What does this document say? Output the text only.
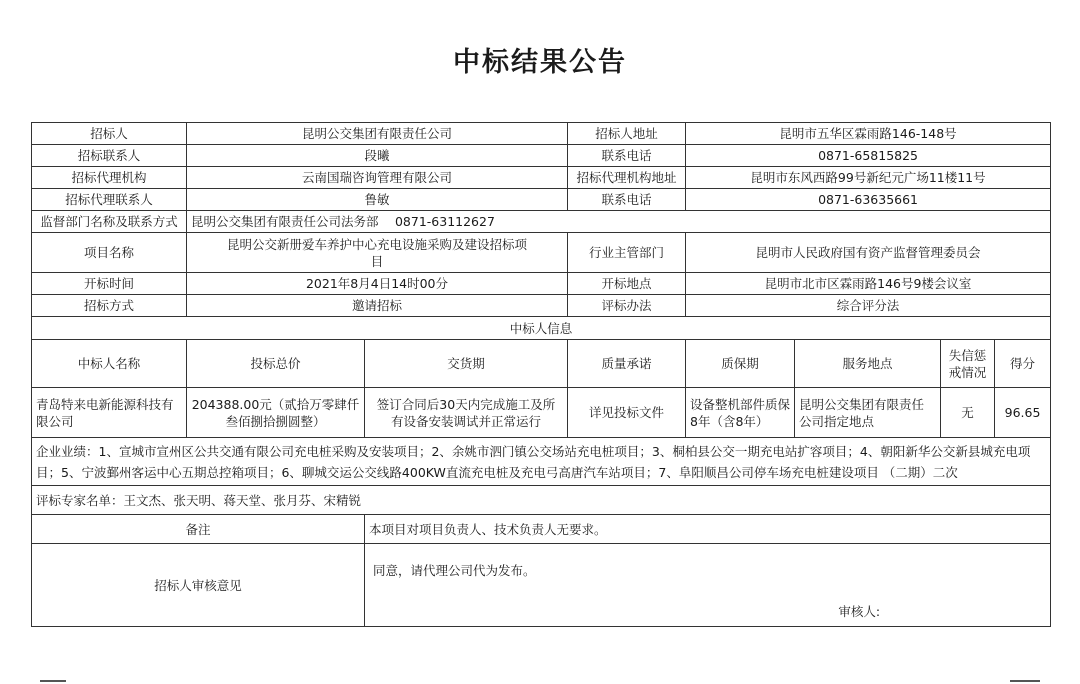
中标结果公告
招标人	昆明公交集团有限责任公司		招标人地址	昆明市五华区霖雨路146-148号			
招标联系人	段曦		联系电话	0871-65815825			
招标代理机构	云南国瑞咨询管理有限公司		招标代理机构地址	昆明市东风西路99号新纪元广场11楼11号			
招标代理联系人	鲁敏		联系电话	0871-63635661			
监督部门名称及联系方式	昆明公交集团有限责任公司法务部　 0871-63112627						
项目名称	昆明公交新册爱车养护中心充电设施采购及建设招标项目		行业主管部门	昆明市人民政府国有资产监督管理委员会			
开标时间	2021年8月4日14时00分		开标地点	昆明市北市区霖雨路146号9楼会议室			
招标方式	邀请招标		评标办法	综合评分法			
中标人信息							
中标人名称	投标总价	交货期	质量承诺	质保期	服务地点	失信惩戒情况	得分
青岛特来电新能源科技有限公司	204388.00元（贰拾万零肆仟叁佰捌拾捌圆整）	签订合同后30天内完成施工及所有设备安装调试并正常运行	详见投标文件	设备整机部件质保8年（含8年）	昆明公交集团有限责任公司指定地点	无	96.65
企业业绩：1、宣城市宣州区公共交通有限公司充电桩采购及安装项目；2、余姚市泗门镇公交场站充电桩项目；3、桐柏县公交一期充电站扩容项目；4、朝阳新华公交新县城充电项目；5、宁波鄞州客运中心五期总控箱项目；6、聊城交运公交线路400KW直流充电桩及充电弓高唐汽车站项目；7、阜阳顺昌公司停车场充电桩建设项目 （二期）二次							
评标专家名单：王文杰、张天明、蒋天堂、张月芬、宋精锐							
备注		本项目对项目负责人、技术负责人无要求。					
招标人审核意见		同意，请代理公司代为发布。
审核人:					
